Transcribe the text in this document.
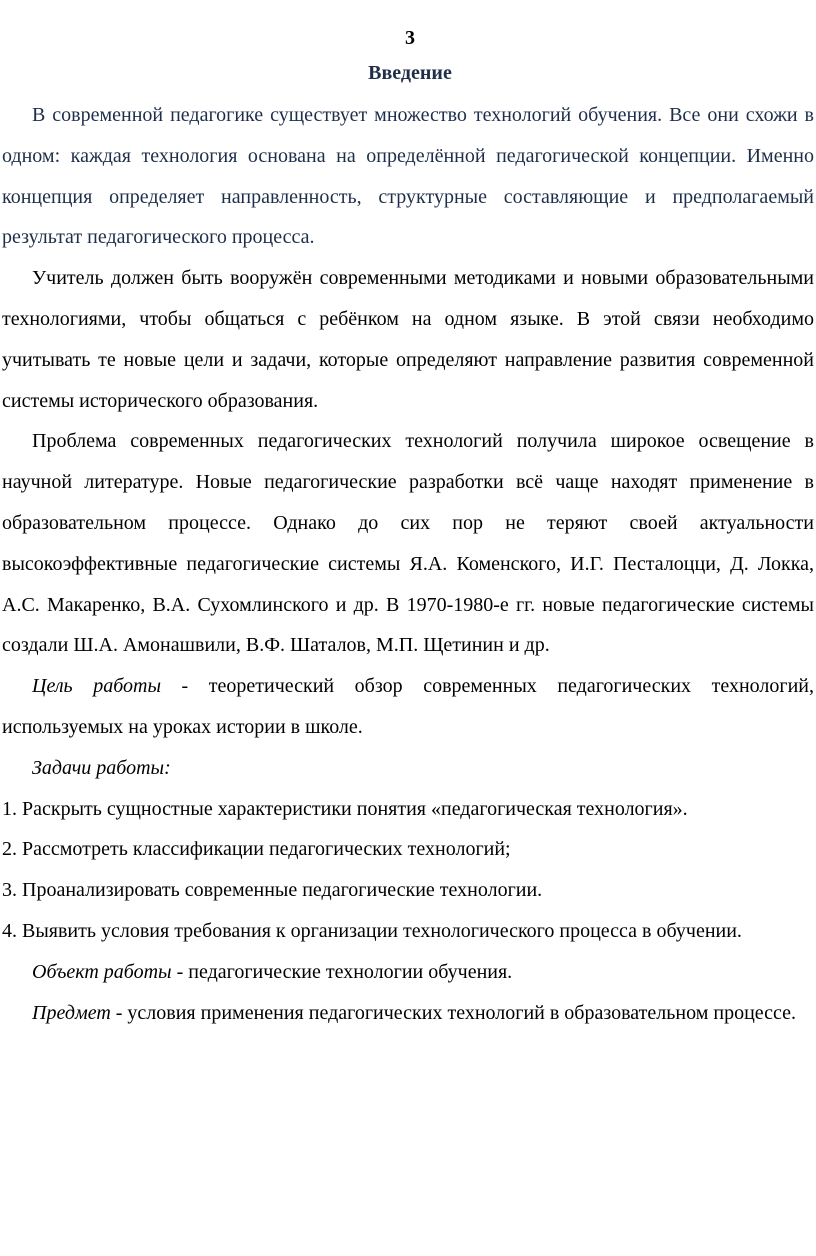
3

Введение

В современной педагогике существует множество технологий обучения. Все они схожи в одном: каждая технология основана на определённой педагогической концепции. Именно концепция определяет направленность, структурные составляющие и предполагаемый результат педагогического процесса.

Учитель должен быть вооружён современными методиками и новыми образовательными технологиями, чтобы общаться с ребёнком на одном языке. В этой связи необходимо учитывать те новые цели и задачи, которые определяют направление развития современной системы исторического образования.

Проблема современных педагогических технологий получила широкое освещение в научной литературе. Новые педагогические разработки всё чаще находят применение в образовательном процессе. Однако до сих пор не теряют своей актуальности высокоэффективные педагогические системы Я.А. Коменского, И.Г. Песталоцци, Д. Локка, А.С. Макаренко, В.А. Сухомлинского и др. В 1970-1980-е гг. новые педагогические системы создали Ш.А. Амонашвили, В.Ф. Шаталов, М.П. Щетинин и др.

Цель работы - теоретический обзор современных педагогических технологий, используемых на уроках истории в школе.

Задачи работы:

1. Раскрыть сущностные характеристики понятия «педагогическая технология».

2. Рассмотреть классификации педагогических технологий;

3. Проанализировать современные педагогические технологии.

4. Выявить условия требования к организации технологического процесса в обучении.

Объект работы - педагогические технологии обучения.

Предмет - условия применения педагогических технологий в образовательном процессе.
